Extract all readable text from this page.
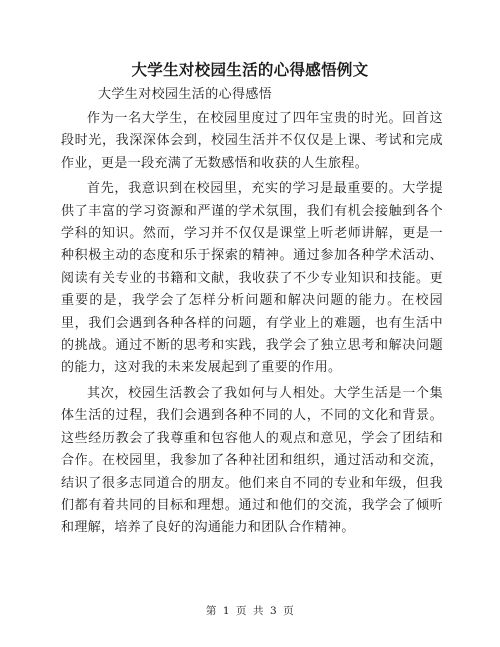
大学生对校园生活的心得感悟例文
大学生对校园生活的心得感悟

作为一名大学生，在校园里度过了四年宝贵的时光。回首这段时光，我深深体会到，校园生活并不仅仅是上课、考试和完成作业，更是一段充满了无数感悟和收获的人生旅程。

首先，我意识到在校园里，充实的学习是最重要的。大学提供了丰富的学习资源和严谨的学术氛围，我们有机会接触到各个学科的知识。然而，学习并不仅仅是课堂上听老师讲解，更是一种积极主动的态度和乐于探索的精神。通过参加各种学术活动、阅读有关专业的书籍和文献，我收获了不少专业知识和技能。更重要的是，我学会了怎样分析问题和解决问题的能力。在校园里，我们会遇到各种各样的问题，有学业上的难题，也有生活中的挑战。通过不断的思考和实践，我学会了独立思考和解决问题的能力，这对我的未来发展起到了重要的作用。

其次，校园生活教会了我如何与人相处。大学生活是一个集体生活的过程，我们会遇到各种不同的人，不同的文化和背景。这些经历教会了我尊重和包容他人的观点和意见，学会了团结和合作。在校园里，我参加了各种社团和组织，通过活动和交流，结识了很多志同道合的朋友。他们来自不同的专业和年级，但我们都有着共同的目标和理想。通过和他们的交流，我学会了倾听和理解，培养了良好的沟通能力和团队合作精神。

第 1 页 共 3 页
